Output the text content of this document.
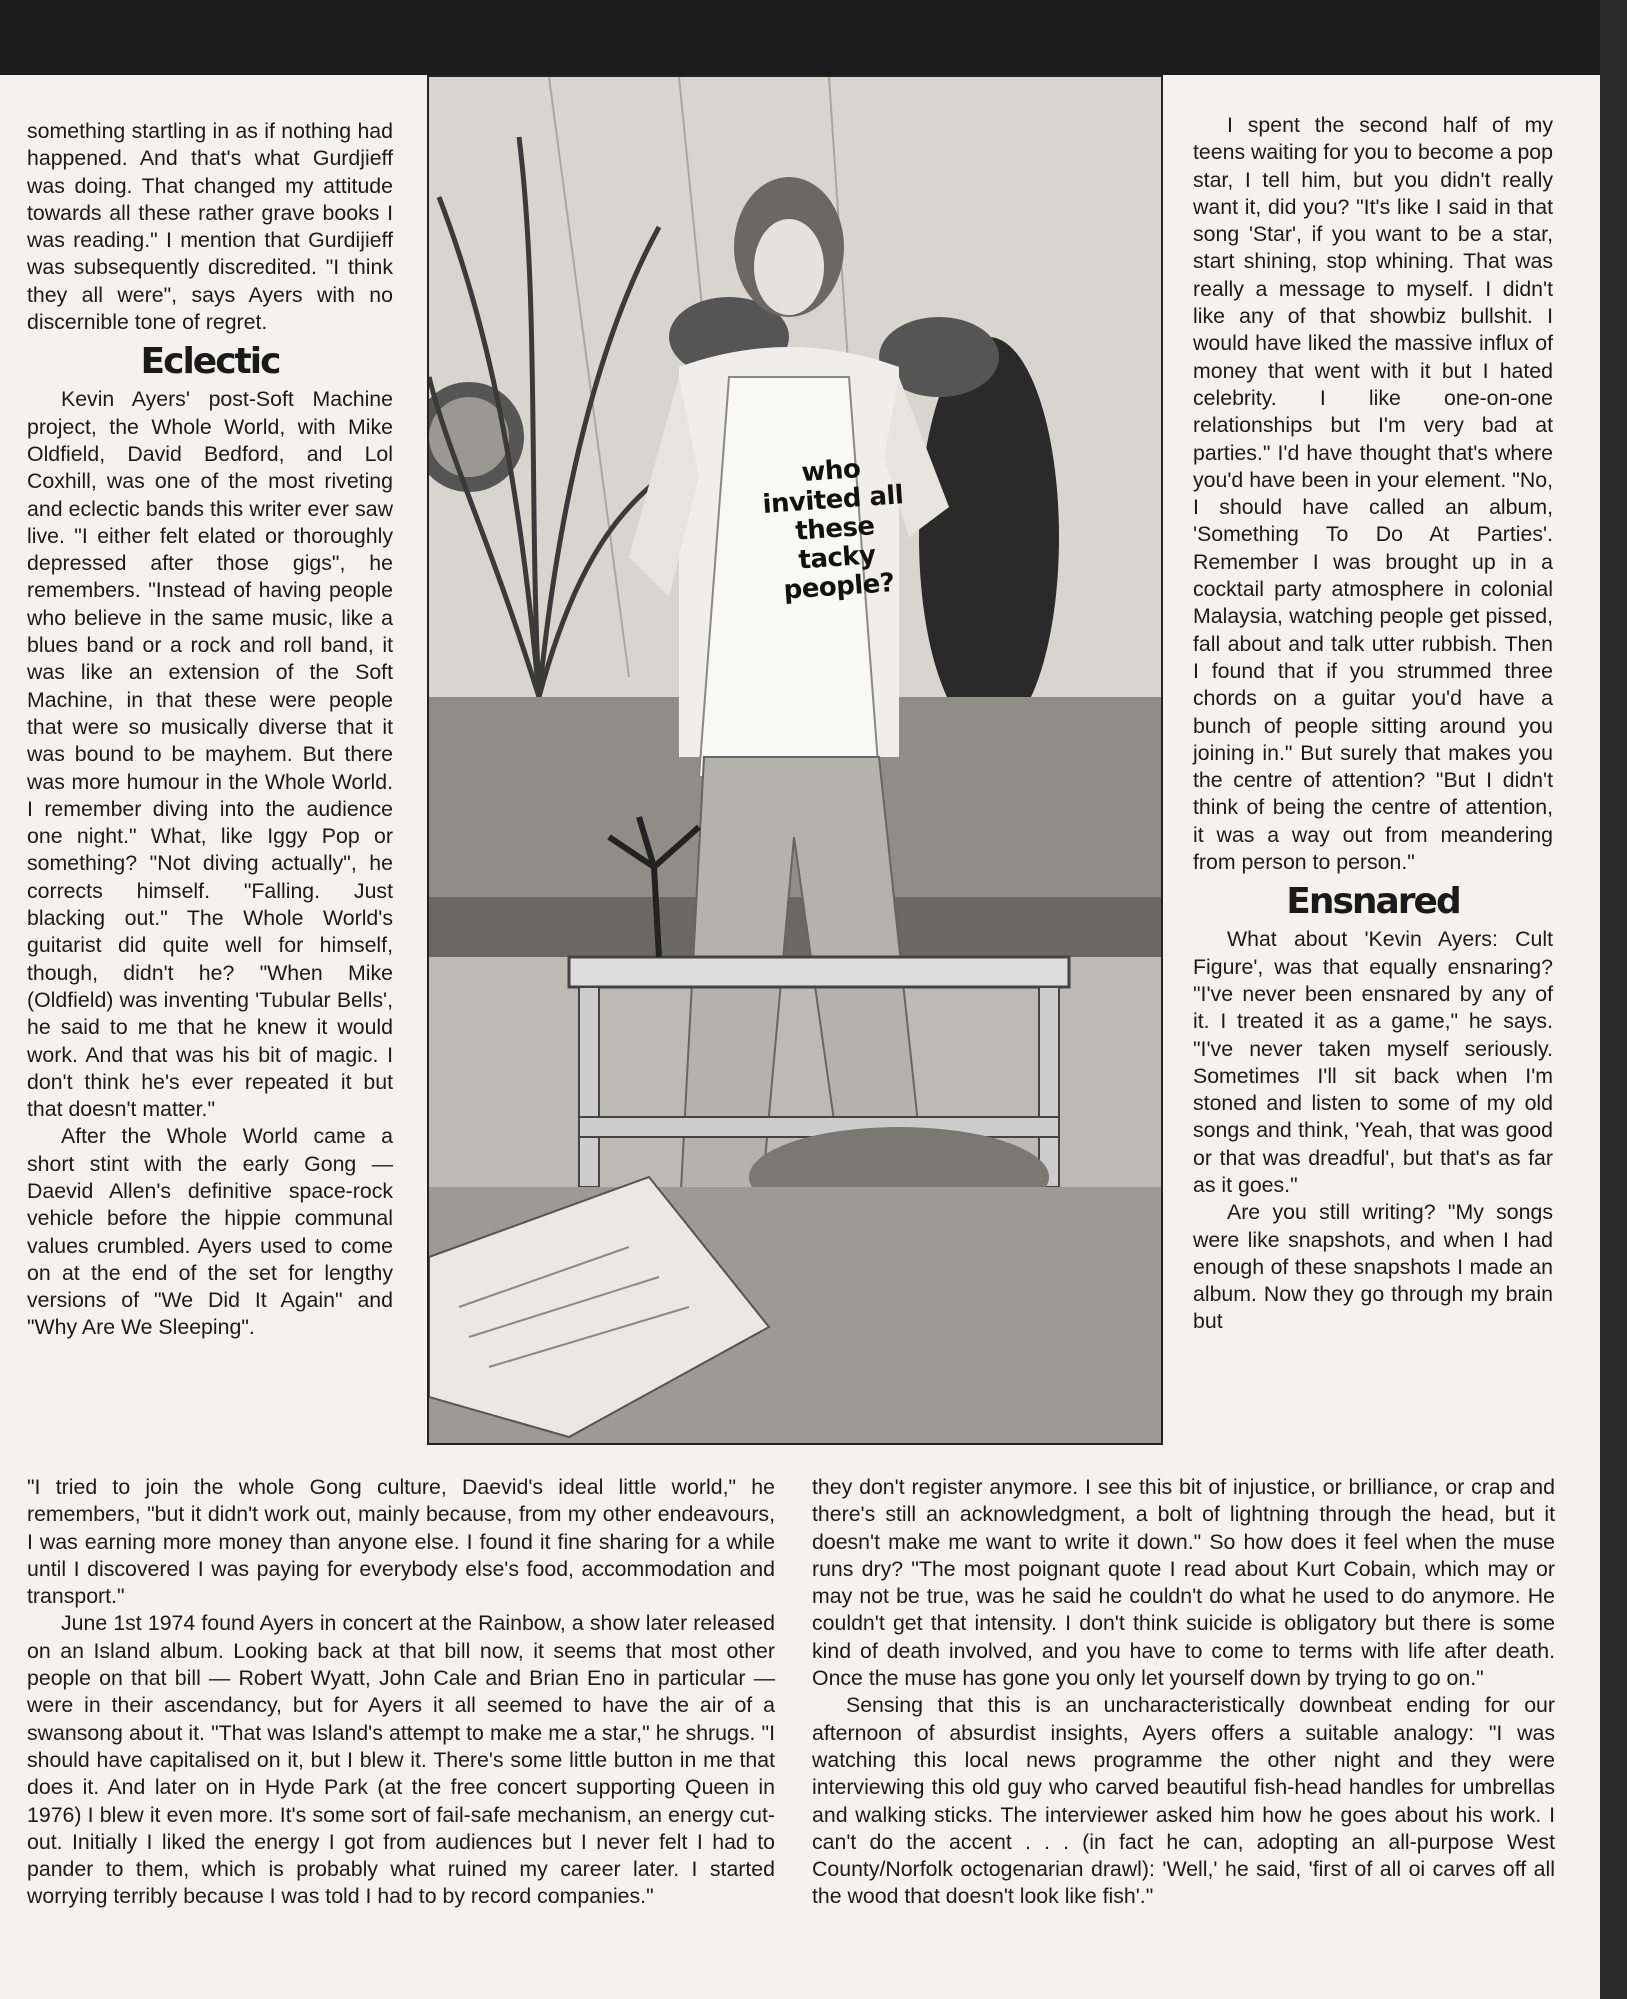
something startling in as if nothing had happened. And that's what Gurdjieff was doing. That changed my attitude towards all these rather grave books I was reading." I mention that Gurdijieff was subsequently discredited. "I think they all were", says Ayers with no discernible tone of regret.

Eclectic

Kevin Ayers' post-Soft Machine project, the Whole World, with Mike Oldfield, David Bedford, and Lol Coxhill, was one of the most riveting and eclectic bands this writer ever saw live. "I either felt elated or thoroughly depressed after those gigs", he remembers. "Instead of having people who believe in the same music, like a blues band or a rock and roll band, it was like an extension of the Soft Machine, in that these were people that were so musically diverse that it was bound to be mayhem. But there was more humour in the Whole World. I remember diving into the audience one night." What, like Iggy Pop or something? "Not diving actually", he corrects himself. "Falling. Just blacking out." The Whole World's guitarist did quite well for himself, though, didn't he? "When Mike (Oldfield) was inventing 'Tubular Bells', he said to me that he knew it would work. And that was his bit of magic. I don't think he's ever repeated it but that doesn't matter."

After the Whole World came a short stint with the early Gong — Daevid Allen's definitive space-rock vehicle before the hippie communal values crumbled. Ayers used to come on at the end of the set for lengthy versions of "We Did It Again" and "Why Are We Sleeping".

who invited all these tacky people?

I spent the second half of my teens waiting for you to become a pop star, I tell him, but you didn't really want it, did you? "It's like I said in that song 'Star', if you want to be a star, start shining, stop whining. That was really a message to myself. I didn't like any of that showbiz bullshit. I would have liked the massive influx of money that went with it but I hated celebrity. I like one-on-one relationships but I'm very bad at parties." I'd have thought that's where you'd have been in your element. "No, I should have called an album, 'Something To Do At Parties'. Remember I was brought up in a cocktail party atmosphere in colonial Malaysia, watching people get pissed, fall about and talk utter rubbish. Then I found that if you strummed three chords on a guitar you'd have a bunch of people sitting around you joining in." But surely that makes you the centre of attention? "But I didn't think of being the centre of attention, it was a way out from meandering from person to person."

Ensnared

What about 'Kevin Ayers: Cult Figure', was that equally ensnaring? "I've never been ensnared by any of it. I treated it as a game," he says. "I've never taken myself seriously. Sometimes I'll sit back when I'm stoned and listen to some of my old songs and think, 'Yeah, that was good or that was dreadful', but that's as far as it goes."

Are you still writing? "My songs were like snapshots, and when I had enough of these snapshots I made an album. Now they go through my brain but

"I tried to join the whole Gong culture, Daevid's ideal little world," he remembers, "but it didn't work out, mainly because, from my other endeavours, I was earning more money than anyone else. I found it fine sharing for a while until I discovered I was paying for everybody else's food, accommodation and transport."

June 1st 1974 found Ayers in concert at the Rainbow, a show later released on an Island album. Looking back at that bill now, it seems that most other people on that bill — Robert Wyatt, John Cale and Brian Eno in particular — were in their ascendancy, but for Ayers it all seemed to have the air of a swansong about it. "That was Island's attempt to make me a star," he shrugs. "I should have capitalised on it, but I blew it. There's some little button in me that does it. And later on in Hyde Park (at the free concert supporting Queen in 1976) I blew it even more. It's some sort of fail-safe mechanism, an energy cut-out. Initially I liked the energy I got from audiences but I never felt I had to pander to them, which is probably what ruined my career later. I started worrying terribly because I was told I had to by record companies."

they don't register anymore. I see this bit of injustice, or brilliance, or crap and there's still an acknowledgment, a bolt of lightning through the head, but it doesn't make me want to write it down." So how does it feel when the muse runs dry? "The most poignant quote I read about Kurt Cobain, which may or may not be true, was he said he couldn't do what he used to do anymore. He couldn't get that intensity. I don't think suicide is obligatory but there is some kind of death involved, and you have to come to terms with life after death. Once the muse has gone you only let yourself down by trying to go on."

Sensing that this is an uncharacteristically downbeat ending for our afternoon of absurdist insights, Ayers offers a suitable analogy: "I was watching this local news programme the other night and they were interviewing this old guy who carved beautiful fish-head handles for umbrellas and walking sticks. The interviewer asked him how he goes about his work. I can't do the accent . . . (in fact he can, adopting an all-purpose West County/Norfolk octogenarian drawl): 'Well,' he said, 'first of all oi carves off all the wood that doesn't look like fish'."
